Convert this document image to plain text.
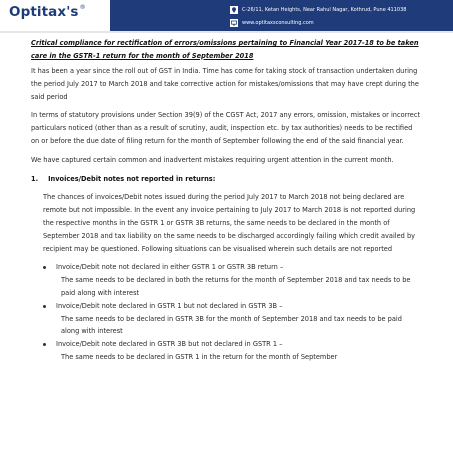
Optitax's®	C-26/11, Ketan Heights, Near Rahul Nagar, Kothrud, Pune 411038
www.optitaxsconsulting.com
Critical compliance for rectification of errors/omissions pertaining to Financial Year 2017-18 to be taken care in the GSTR-1 return for the month of September 2018

It has been a year since the roll out of GST in India. Time has come for taking stock of transaction undertaken during the period July 2017 to March 2018 and take corrective action for mistakes/omissions that may have crept during the said period

In terms of statutory provisions under Section 39(9) of the CGST Act, 2017 any errors, omission, mistakes or incorrect particulars noticed (other than as a result of scrutiny, audit, inspection etc. by tax authorities) needs to be rectified on or before the due date of filing return for the month of September following the end of the said financial year.

We have captured certain common and inadvertent mistakes requiring urgent attention in the current month.

1. Invoices/Debit notes not reported in returns:

The chances of invoices/Debit notes issued during the period July 2017 to March 2018 not being declared are remote but not impossible. In the event any invoice pertaining to July 2017 to March 2018 is not reported during the respective months in the GSTR 1 or GSTR 3B returns, the same needs to be declared in the month of September 2018 and tax liability on the same needs to be discharged accordingly failing which credit availed by recipient may be questioned. Following situations can be visualised wherein such details are not reported

Invoice/Debit note not declared in either GSTR 1 or GSTR 3B return –

The same needs to be declared in both the returns for the month of September 2018 and tax needs to be paid along with interest

Invoice/Debit note declared in GSTR 1 but not declared in GSTR 3B –

The same needs to be declared in GSTR 3B for the month of September 2018 and tax needs to be paid along with interest

Invoice/Debit note declared in GSTR 3B but not declared in GSTR 1 –

The same needs to be declared in GSTR 1 in the return for the month of September
